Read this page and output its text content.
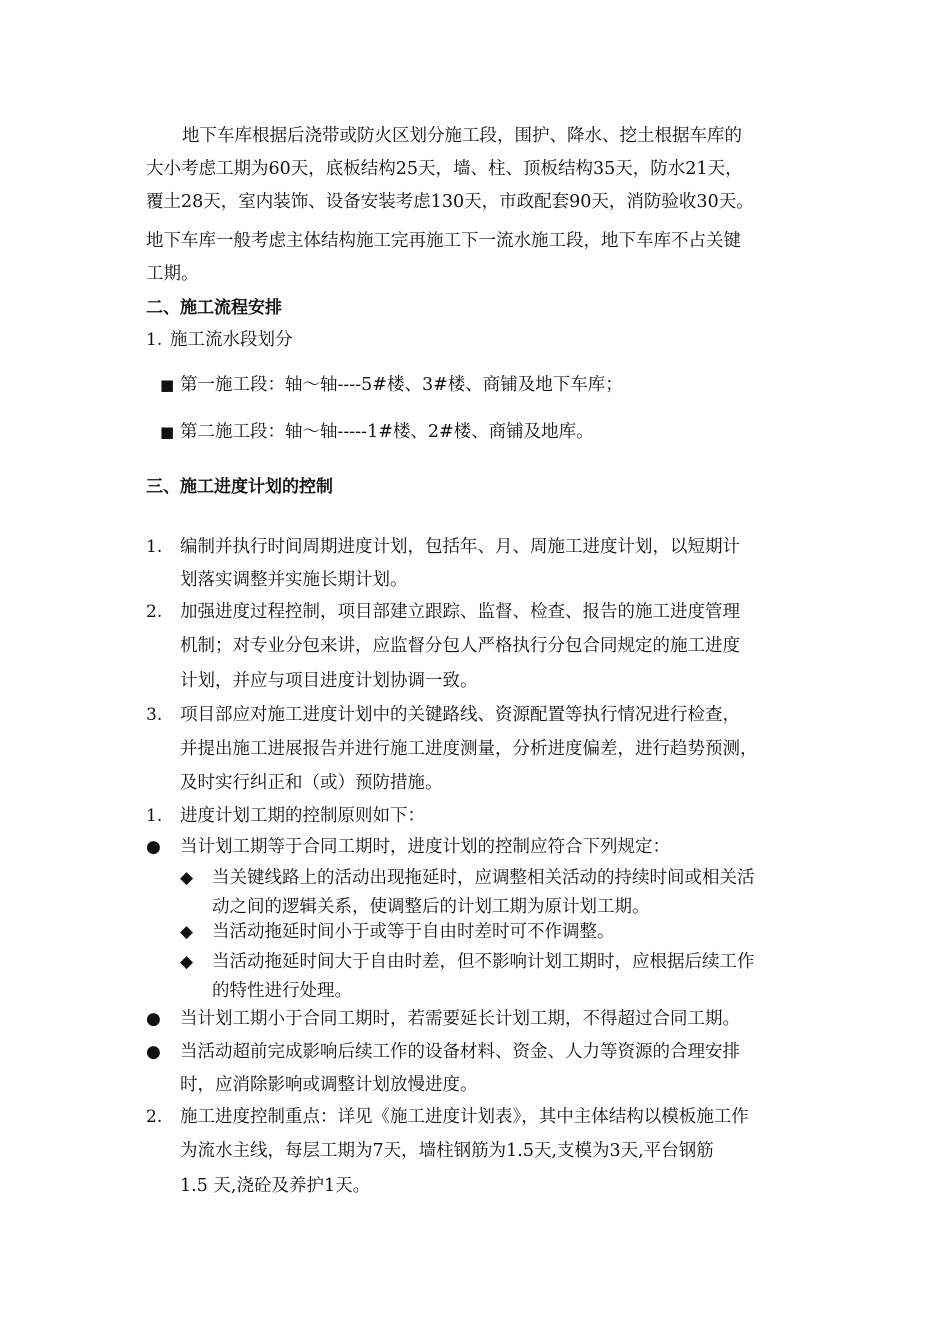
地下车库根据后浇带或防火区划分施工段，围护、降水、挖土根据车库的
大小考虑工期为60天，底板结构25天，墙、柱、顶板结构35天，防水21天，
覆土28天，室内装饰、设备安装考虑130天，市政配套90天，消防验收30天。
地下车库一般考虑主体结构施工完再施工下一流水施工段，地下车库不占关键
工期。
二、施工流程安排
1. 施工流水段划分
■ 第一施工段：轴～轴----5#楼、3#楼、商铺及地下车库；
■ 第二施工段：轴～轴-----1#楼、2#楼、商铺及地库。
三、施工进度计划的控制
1. 编制并执行时间周期进度计划，包括年、月、周施工进度计划，以短期计
划落实调整并实施长期计划。
2. 加强进度过程控制，项目部建立跟踪、监督、检查、报告的施工进度管理
机制；对专业分包来讲，应监督分包人严格执行分包合同规定的施工进度
计划，并应与项目进度计划协调一致。
3. 项目部应对施工进度计划中的关键路线、资源配置等执行情况进行检查，
并提出施工进展报告并进行施工进度测量，分析进度偏差，进行趋势预测，
及时实行纠正和（或）预防措施。
1. 进度计划工期的控制原则如下：
● 当计划工期等于合同工期时，进度计划的控制应符合下列规定：
◆ 当关键线路上的活动出现拖延时，应调整相关活动的持续时间或相关活
动之间的逻辑关系，使调整后的计划工期为原计划工期。
◆ 当活动拖延时间小于或等于自由时差时可不作调整。
◆ 当活动拖延时间大于自由时差，但不影响计划工期时，应根据后续工作
的特性进行处理。
● 当计划工期小于合同工期时，若需要延长计划工期，不得超过合同工期。
● 当活动超前完成影响后续工作的设备材料、资金、人力等资源的合理安排
时，应消除影响或调整计划放慢进度。
2. 施工进度控制重点：详见《施工进度计划表》，其中主体结构以模板施工作
为流水主线，每层工期为7天，墙柱钢筋为1.5天,支模为3天,平台钢筋
1.5 天,浇砼及养护1天。
